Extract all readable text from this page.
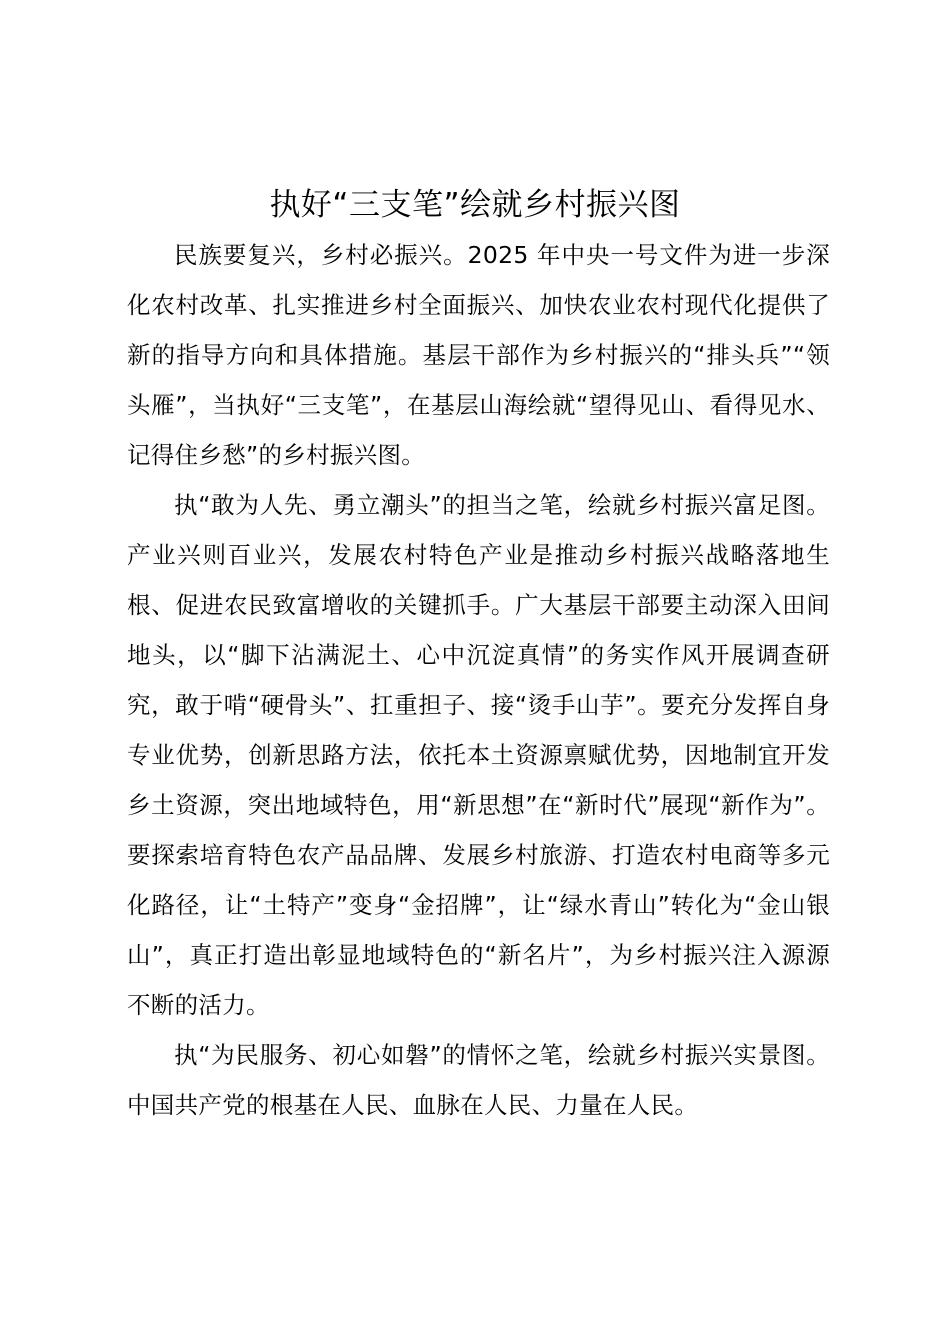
执好“三支笔”绘就乡村振兴图

民族要复兴，乡村必振兴。2025 年中央一号文件为进一步深化农村改革、扎实推进乡村全面振兴、加快农业农村现代化提供了新的指导方向和具体措施。基层干部作为乡村振兴的“排头兵”“领头雁”，当执好“三支笔”，在基层山海绘就“望得见山、看得见水、记得住乡愁”的乡村振兴图。

执“敢为人先、勇立潮头”的担当之笔，绘就乡村振兴富足图。产业兴则百业兴，发展农村特色产业是推动乡村振兴战略落地生根、促进农民致富增收的关键抓手。广大基层干部要主动深入田间地头，以“脚下沾满泥土、心中沉淀真情”的务实作风开展调查研究，敢于啃“硬骨头”、扛重担子、接“烫手山芋”。要充分发挥自身专业优势，创新思路方法，依托本土资源禀赋优势，因地制宜开发乡土资源，突出地域特色，用“新思想”在“新时代”展现“新作为”。要探索培育特色农产品品牌、发展乡村旅游、打造农村电商等多元化路径，让“土特产”变身“金招牌”，让“绿水青山”转化为“金山银山”，真正打造出彰显地域特色的“新名片”，为乡村振兴注入源源不断的活力。

执“为民服务、初心如磐”的情怀之笔，绘就乡村振兴实景图。中国共产党的根基在人民、血脉在人民、力量在人民。
